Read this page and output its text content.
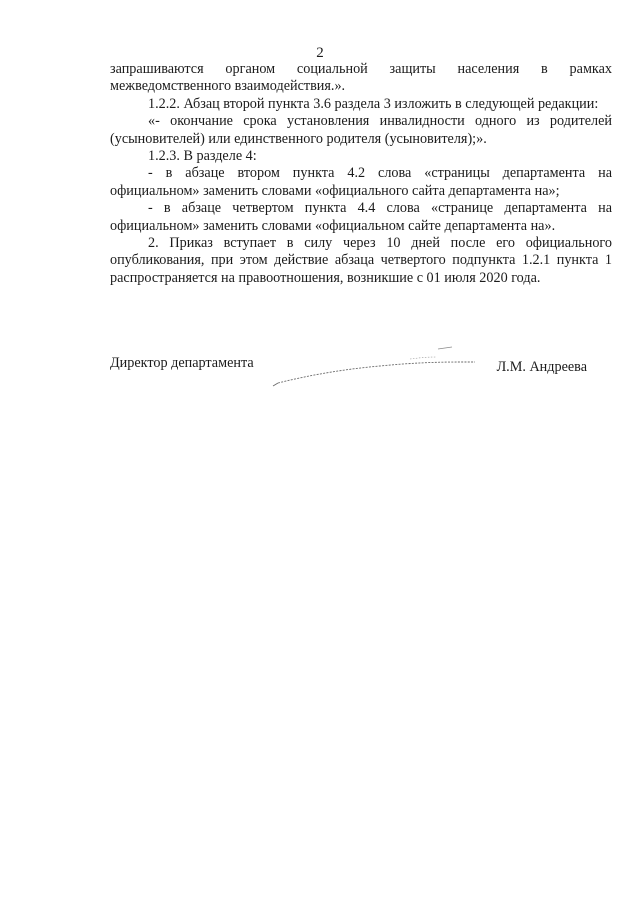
2

запрашиваются органом социальной защиты населения в рамках межведомственного взаимодействия.».

1.2.2. Абзац второй пункта 3.6 раздела 3 изложить в следующей редакции:

«- окончание срока установления инвалидности одного из родителей (усыновителей) или единственного родителя (усыновителя);».

1.2.3. В разделе 4:

- в абзаце втором пункта 4.2 слова «страницы департамента на официальном» заменить словами «официального сайта департамента на»;

- в абзаце четвертом пункта 4.4 слова «странице департамента на официальном» заменить словами «официальном сайте департамента на».

2. Приказ вступает в силу через 10 дней после его официального опубликования, при этом действие абзаца четвертого подпункта 1.2.1 пункта 1 распространяется на правоотношения, возникшие с 01 июля 2020 года.

Директор департамента	Л.М. Андреева
